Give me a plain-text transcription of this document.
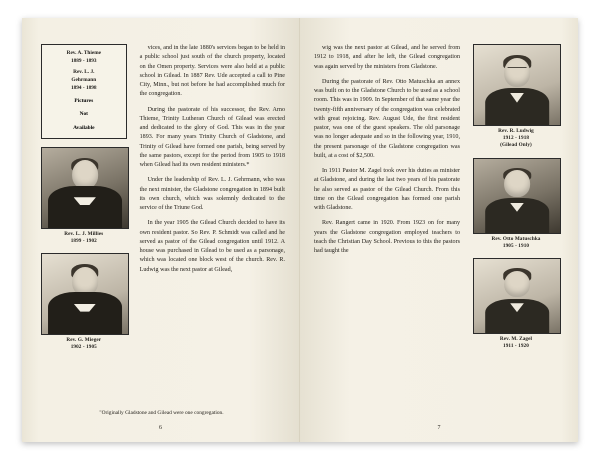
Rev. A. Thieme
1889 - 1893
Rev. L. J.
Gehrmann
1894 - 1898
Pictures
Not
Available
Rev. L. J. Millies
1899 - 1902
Rev. G. Mieger
1902 - 1905

vices, and in the late 1880's services began to be held in a public school just south of the church property, located on the Omen property. Services were also held at a public school in Gilead. In 1887 Rev. Ude accepted a call to Pine City, Minn., but not before he had accomplished much for the congregation.

During the pastorate of his successor, the Rev. Arno Thieme, Trinity Lutheran Church of Gilead was erected and dedicated to the glory of God. This was in the year 1893. For many years Trinity Church of Gladstone, and Trinity of Gilead have formed one parish, being served by the same pastors, except for the period from 1905 to 1918 when Gilead had its own resident ministers.*

Under the leadership of Rev. L. J. Gehrmann, who was the next minister, the Gladstone congregation in 1894 built its own church, which was solemnly dedicated to the service of the Triune God.

In the year 1905 the Gilead Church decided to have its own resident pastor. So Rev. P. Schmidt was called and he served as pastor of the Gilead congregation until 1912. A house was purchased in Gilead to be used as a parsonage, which was located one block west of the church. Rev. R. Ludwig was the next pastor at Gilead,

"Originally Gladstone and Gilead were one congregation.
6

wig was the next pastor at Gilead, and he served from 1912 to 1918, and after he left, the Gilead congregation was again served by the ministers from Gladstone.

During the pastorate of Rev. Otto Matuschka an annex was built on to the Gladstone Church to be used as a school room. This was in 1909. In September of that same year the twenty-fifth anniversary of the congregation was celebrated with great rejoicing. Rev. August Ude, the first resident pastor, was one of the guest speakers. The old parsonage was no longer adequate and so in the following year, 1910, the present parsonage of the Gladstone congregation was built, at a cost of $2,500.

In 1911 Pastor M. Zagel took over his duties as minister at Gladstone, and during the last two years of his pastorate he also served as pastor of the Gilead Church. From this time on the Gilead congregation has formed one parish with Gladstone.

Rev. Rangert came in 1920. From 1923 on for many years the Gladstone congregation employed teachers to teach the Christian Day School. Previous to this the pastors had taught the

Rev. R. Ludwig
1912 - 1918
(Gilead Only)
Rev. Otto Matuschka
1905 - 1910
Rev. M. Zagel
1911 - 1920
7
